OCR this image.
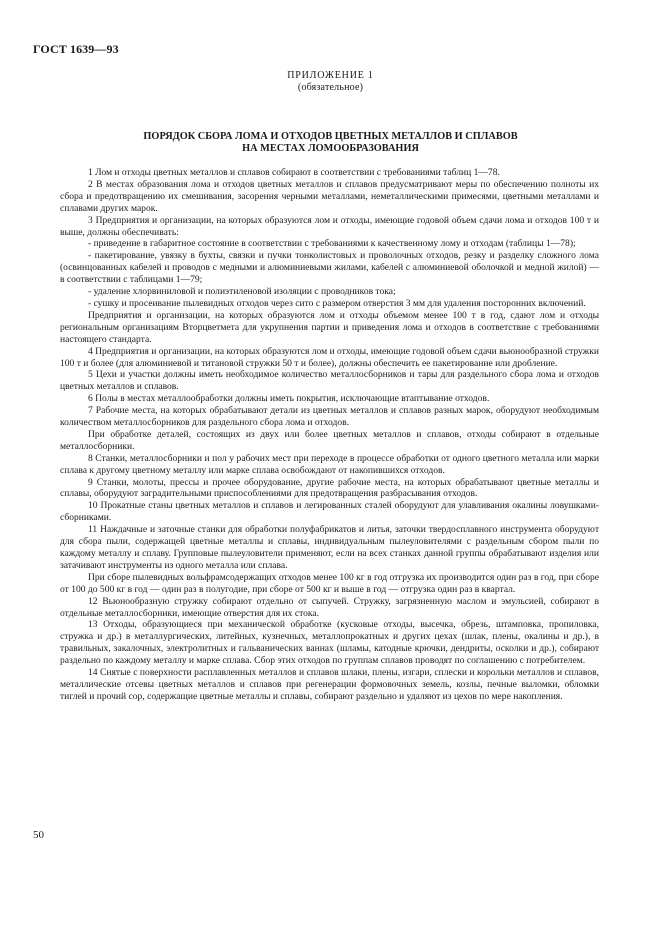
ГОСТ 1639—93
ПРИЛОЖЕНИЕ 1
(обязательное)
ПОРЯДОК СБОРА ЛОМА И ОТХОДОВ ЦВЕТНЫХ МЕТАЛЛОВ И СПЛАВОВ
НА МЕСТАХ ЛОМООБРАЗОВАНИЯ

1 Лом и отходы цветных металлов и сплавов собирают в соответствии с требованиями таблиц 1—78.

2 В местах образования лома и отходов цветных металлов и сплавов предусматривают меры по обеспечению полноты их сбора и предотвращению их смешивания, засорения черными металлами, неметаллическими примесями, цветными металлами и сплавами других марок.

3 Предприятия и организации, на которых образуются лом и отходы, имеющие годовой объем сдачи лома и отходов 100 т и выше, должны обеспечивать:

- приведение в габаритное состояние в соответствии с требованиями к качественному лому и отходам (таблицы 1—78);

- пакетирование, увязку в бухты, связки и пучки тонколистовых и проволочных отходов, резку и разделку сложного лома (освинцованных кабелей и проводов с медными и алюминиевыми жилами, кабелей с алюминиевой оболочкой и медной жилой) — в соответствии с таблицами 1—79;

- удаление хлорвиниловой и полиэтиленовой изоляции с проводников тока;

- сушку и просеивание пылевидных отходов через сито с размером отверстия 3 мм для удаления посторонних включений.

Предприятия и организации, на которых образуются лом и отходы объемом менее 100 т в год, сдают лом и отходы региональным организациям Вторцветмета для укрупнения партии и приведения лома и отходов в соответствие с требованиями настоящего стандарта.

4 Предприятия и организации, на которых образуются лом и отходы, имеющие годовой объем сдачи вьюнообразной стружки 100 т и более (для алюминиевой и титановой стружки 50 т и более), должны обеспечить ее пакетирование или дробление.

5 Цехи и участки должны иметь необходимое количество металлосборников и тары для раздельного сбора лома и отходов цветных металлов и сплавов.

6 Полы в местах металлообработки должны иметь покрытия, исключающие втаптывание отходов.

7 Рабочие места, на которых обрабатывают детали из цветных металлов и сплавов разных марок, оборудуют необходимым количеством металлосборников для раздельного сбора лома и отходов.

При обработке деталей, состоящих из двух или более цветных металлов и сплавов, отходы собирают в отдельные металлосборники.

8 Станки, металлосборники и пол у рабочих мест при переходе в процессе обработки от одного цветного металла или марки сплава к другому цветному металлу или марке сплава освобождают от накопившихся отходов.

9 Станки, молоты, прессы и прочее оборудование, другие рабочие места, на которых обрабатывают цветные металлы и сплавы, оборудуют заградительными приспособлениями для предотвращения разбрасывания отходов.

10 Прокатные станы цветных металлов и сплавов и легированных сталей оборудуют для улавливания окалины ловушками-сборниками.

11 Наждачные и заточные станки для обработки полуфабрикатов и литья, заточки твердосплавного инструмента оборудуют для сбора пыли, содержащей цветные металлы и сплавы, индивидуальным пылеуловителями с раздельным сбором пыли по каждому металлу и сплаву. Групповые пылеуловители применяют, если на всех станках данной группы обрабатывают изделия или затачивают инструменты из одного металла или сплава.

При сборе пылевидных вольфрамсодержащих отходов менее 100 кг в год отгрузка их производится один раз в год, при сборе от 100 до 500 кг в год — один раз в полугодие, при сборе от 500 кг и выше в год — отгрузка один раз в квартал.

12 Вьюнообразную стружку собирают отдельно от сыпучей. Стружку, загрязненную маслом и эмульсией, собирают в отдельные металлосборники, имеющие отверстия для их стока.

13 Отходы, образующиеся при механической обработке (кусковые отходы, высечка, обрезь, штамповка, пропиловка, стружка и др.) в металлургических, литейных, кузнечных, металлопрокатных и других цехах (шлак, плены, окалины и др.), в травильных, закалочных, электролитных и гальванических ваннах (шламы, катодные крючки, дендриты, осколки и др.), собирают раздельно по каждому металлу и марке сплава. Сбор этих отходов по группам сплавов проводят по соглашению с потребителем.

14 Снятые с поверхности расплавленных металлов и сплавов шлаки, плены, изгари, сплески и корольки металлов и сплавов, металлические отсевы цветных металлов и сплавов при регенерации формовочных земель, козлы, печные выломки, обломки тиглей и прочий сор, содержащие цветные металлы и сплавы, собирают раздельно и удаляют из цехов по мере накопления.

50
